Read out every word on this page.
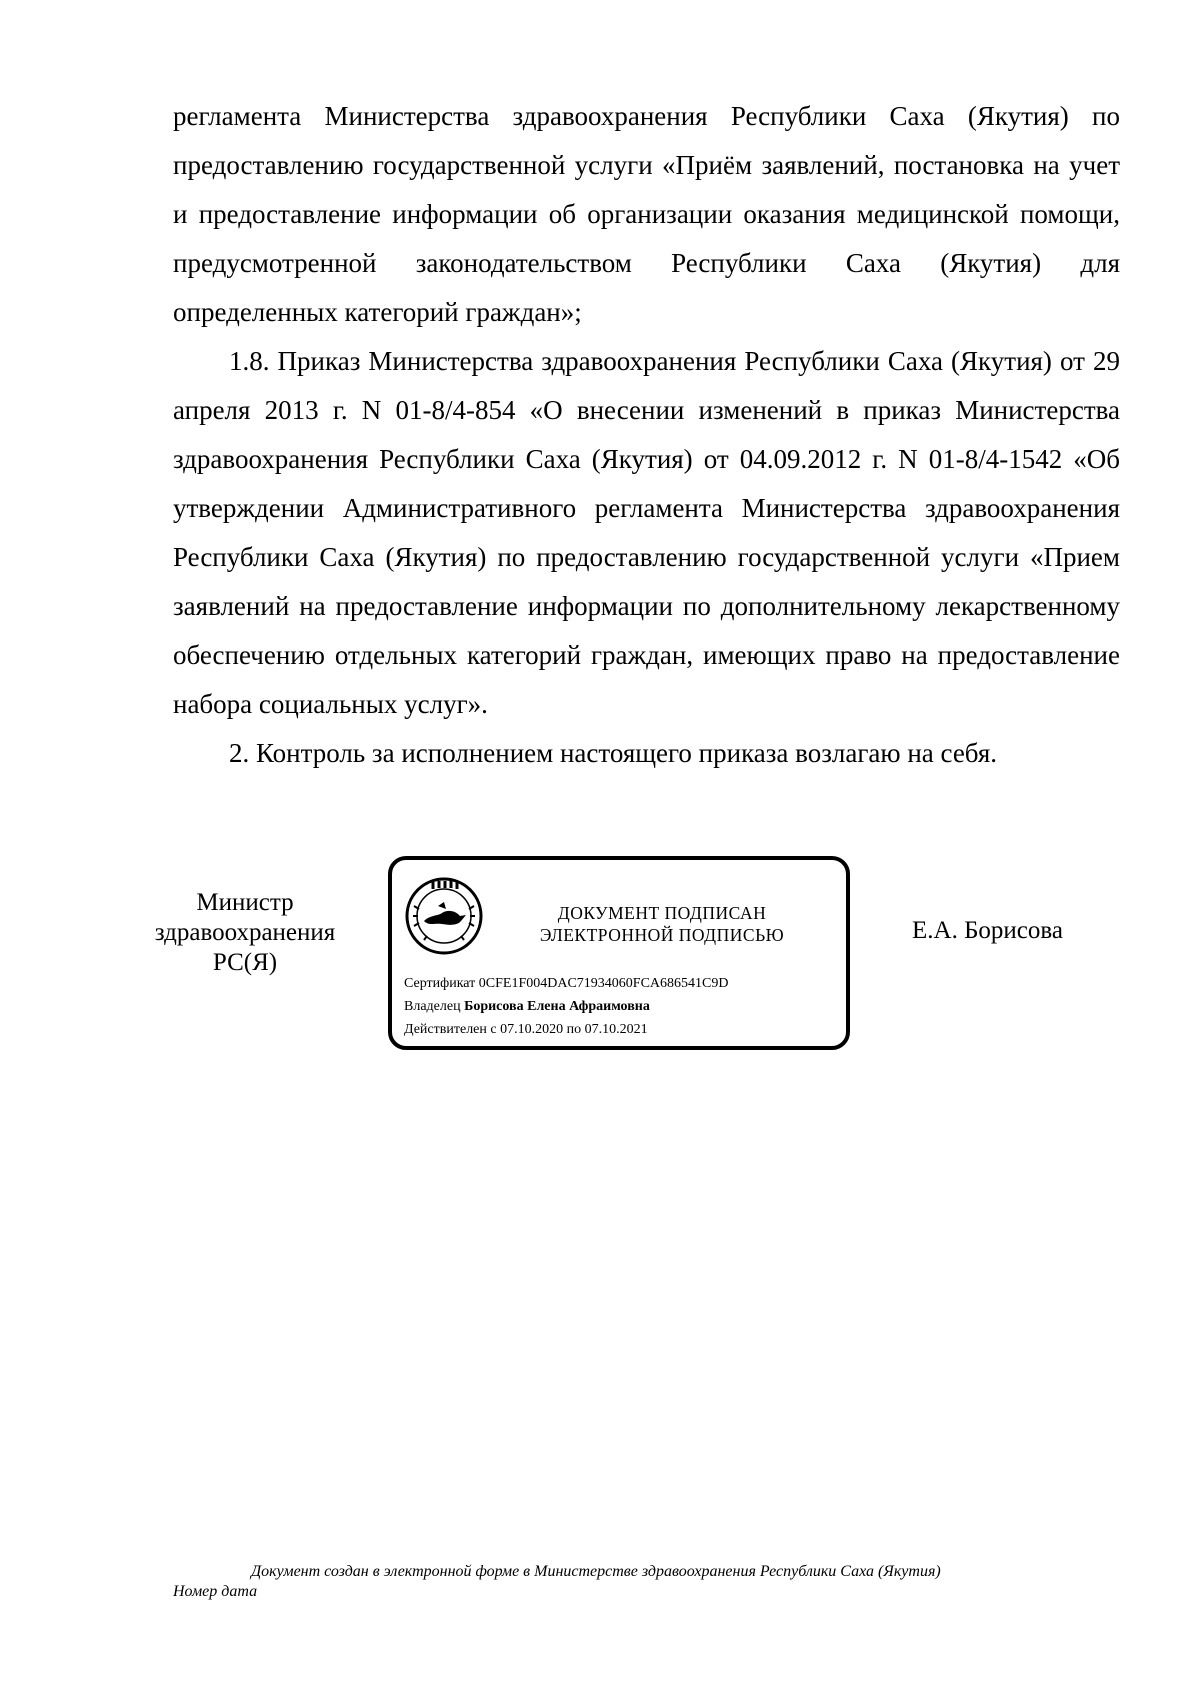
регламента Министерства здравоохранения Республики Саха (Якутия) по предоставлению государственной услуги «Приём заявлений, постановка на учет и предоставление информации об организации оказания медицинской помощи, предусмотренной законодательством Республики Саха (Якутия) для определенных категорий граждан»;

1.8. Приказ Министерства здравоохранения Республики Саха (Якутия) от 29 апреля 2013 г. N 01-8/4-854 «О внесении изменений в приказ Министерства здравоохранения Республики Саха (Якутия) от 04.09.2012 г. N 01-8/4-1542 «Об утверждении Административного регламента Министерства здравоохранения Республики Саха (Якутия) по предоставлению государственной услуги «Прием заявлений на предоставление информации по дополнительному лекарственному обеспечению отдельных категорий граждан, имеющих право на предоставление набора социальных услуг».

2. Контроль за исполнением настоящего приказа возлагаю на себя.

Министр
здравоохранения
РС(Я)
ДОКУМЕНТ ПОДПИСАН
ЭЛЕКТРОННОЙ ПОДПИСЬЮ
Сертификат 0CFE1F004DAC71934060FCA686541C9D
Владелец Борисова Елена Афраимовна
Действителен с 07.10.2020 по 07.10.2021
Е.А. Борисова
Документ создан в электронной форме в Министерстве здравоохранения Республики Саха (Якутия)
Номер дата
